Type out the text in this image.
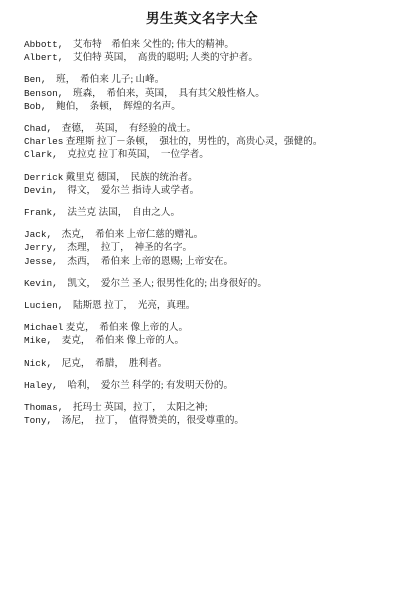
男生英文名字大全
Abbott,　艾布特　希伯来 父性的; 伟大的精神。
Albert,　艾伯特 英国，　高贵的聪明; 人类的守护者。
Ben,　班，　希伯来 儿子; 山峰。
Benson,　班森，　希伯来，英国，　具有其父般性格人。
Bob,　鲍伯，　条顿，　辉煌的名声。
Chad,　查德，　英国，　有经验的战士。
Charles 查理斯 拉丁－条顿，　强壮的，男性的，高贵心灵，强健的。
Clark,　克拉克 拉丁和英国，　一位学者。
Derrick 戴里克 德国，　民族的统治者。
Devin,　得文，　爱尔兰 指诗人或学者。
Frank,　法兰克 法国，　自由之人。
Jack,　杰克，　希伯来 上帝仁慈的赠礼。
Jerry,　杰理，　拉丁，　神圣的名字。
Jesse,　杰西，　希伯来 上帝的恩赐; 上帝安在。
Kevin,　凯文，　爱尔兰 圣人; 很男性化的; 出身很好的。
Lucien,　陆斯恩 拉丁，　光亮，真理。
Michael 麦克，　希伯来 像上帝的人。
Mike,　麦克，　希伯来 像上帝的人。
Nick,　尼克，　希腊，　胜利者。
Haley,　哈利，　爱尔兰 科学的; 有发明天份的。
Thomas,　托玛士 英国，拉丁，　太阳之神;
Tony,　汤尼，　拉丁，　值得赞美的，很受尊重的。
